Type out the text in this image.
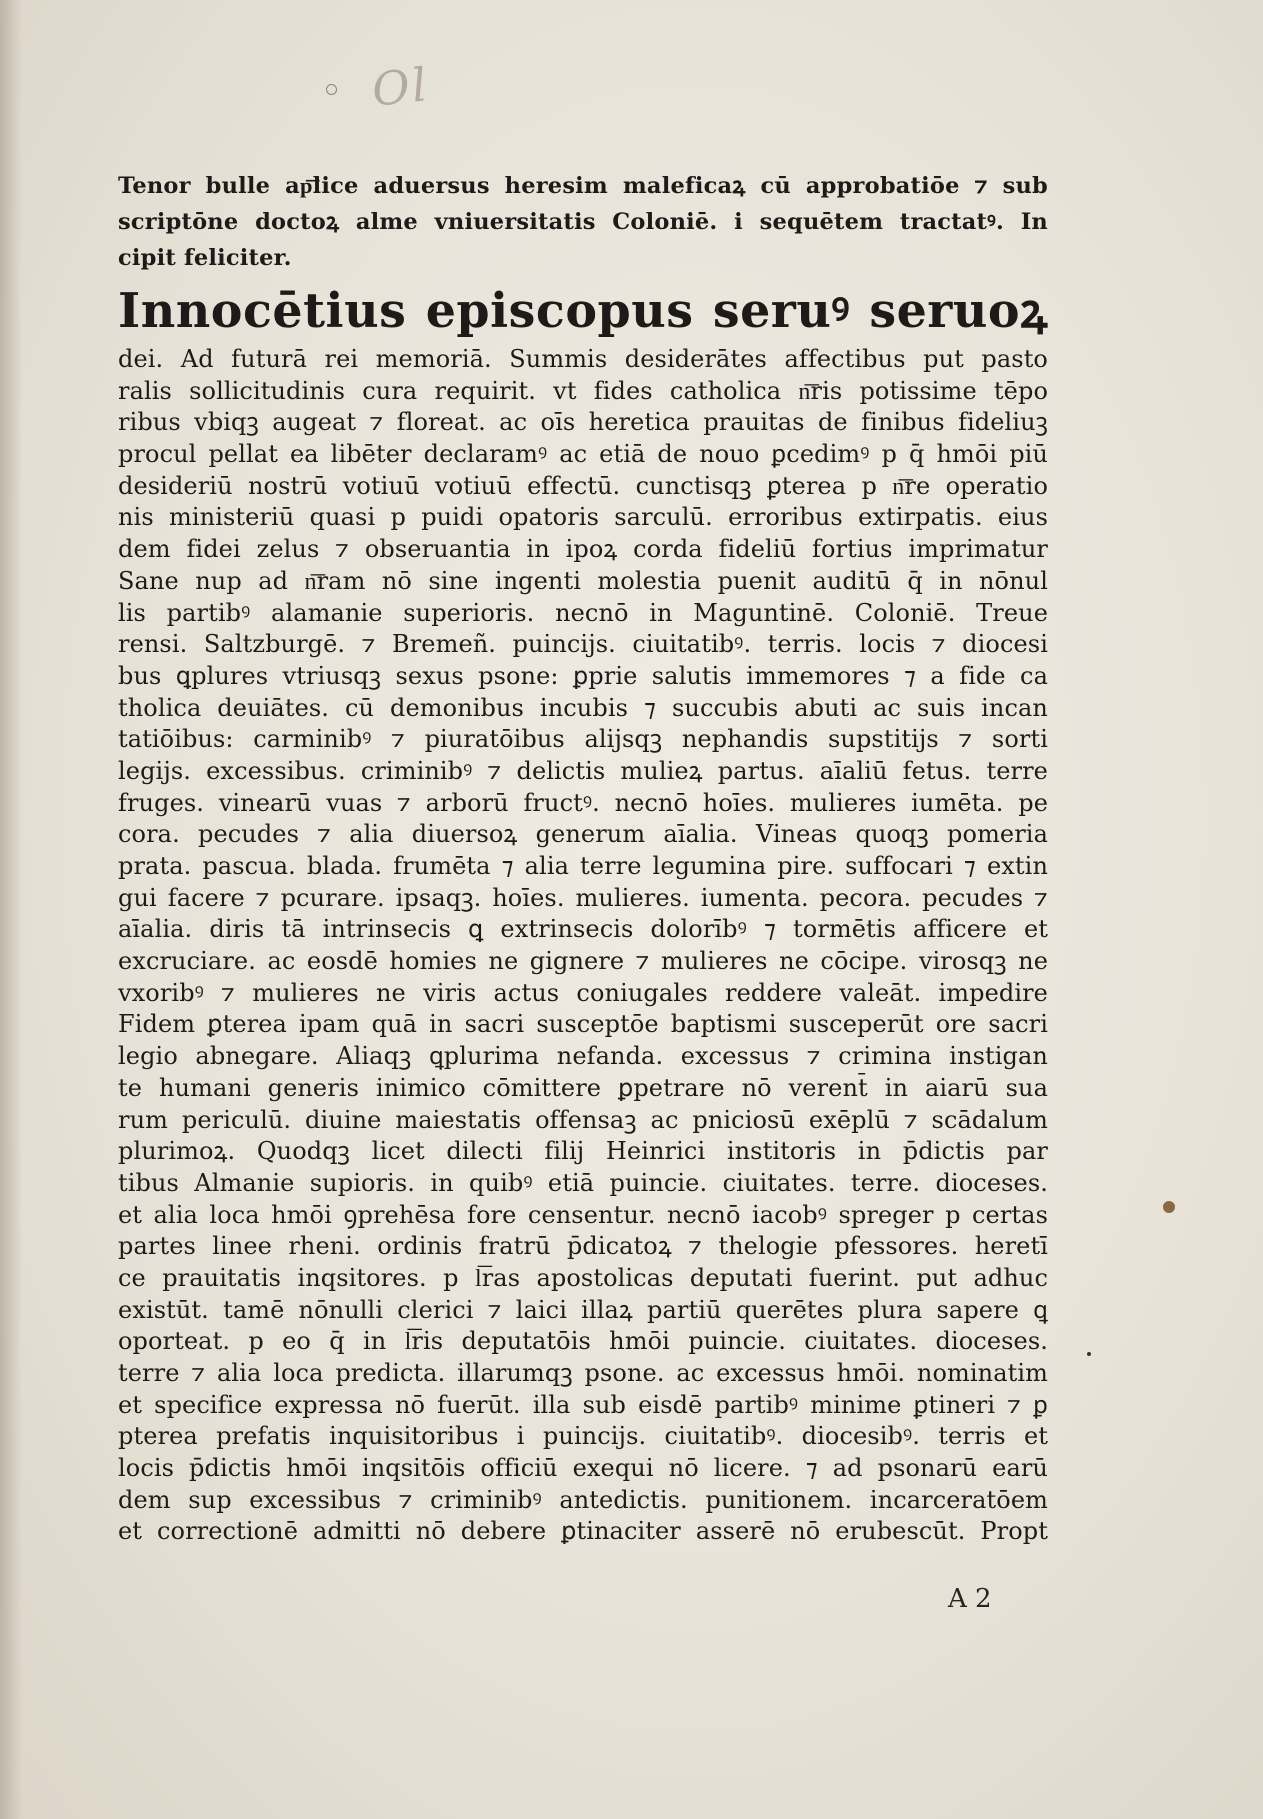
Ol
Tenor bulle ap͞lice aduersus heresim maleficaꝝ cū approbatiōe ⁊ sub
scriptōne doctoꝝ alme vniuersitatis Coloniē. i sequētem tractatꝰ. In
cipit feliciter.
Innocētius episcopus seruꝰ seruoꝝ
dei. Ad futurā rei memoriā. Summis desiderātes affectibus put pasto
ralis sollicitudinis cura requirit. vt fides catholica n͞ris potissime tēpo
ribus vbiqꝫ augeat ⁊ floreat. ac oīs heretica prauitas de finibus fideliuꝫ
procul pellat ea libēter declaramꝰ ac etiā de nouo ꝑcedimꝰ p q̄ hmōi piū
desideriū nostrū votiuū votiuū effectū. cunctisqꝫ ꝑterea p n͞re operatio
nis ministeriū quasi p puidi opatoris sarculū. erroribus extirpatis. eius
dem fidei zelus ⁊ obseruantia in ipoꝝ corda fideliū fortius imprimatur
Sane nup ad n͞ram nō sine ingenti molestia puenit auditū q̄ in nōnul
lis partibꝰ alamanie superioris. necnō in Maguntinē. Coloniē. Treue
rensi. Saltzburgē. ⁊ Bremeñ. puincijs. ciuitatibꝰ. terris. locis ⁊ diocesi
bus ꝗplures vtriusqꝫ sexus psone: ꝑprie salutis immemores ⁊ a fide ca
tholica deuiātes. cū demonibus incubis ⁊ succubis abuti ac suis incan
tatiōibus: carminibꝰ ⁊ piuratōibus alijsqꝫ nephandis supstitijs ⁊ sorti
legijs. excessibus. criminibꝰ ⁊ delictis mulieꝝ partus. aīaliū fetus. terre
fruges. vinearū vuas ⁊ arborū fructꝰ. necnō hoīes. mulieres iumēta. pe
cora. pecudes ⁊ alia diuersoꝝ generum aīalia. Vineas quoqꝫ pomeria
prata. pascua. blada. frumēta ⁊ alia terre legumina pire. suffocari ⁊ extin
gui facere ⁊ pcurare. ipsaqꝫ. hoīes. mulieres. iumenta. pecora. pecudes ⁊
aīalia. diris tā intrinsecis ꝗ extrinsecis dolorībꝰ ⁊ tormētis afficere et
excruciare. ac eosdē homies ne gignere ⁊ mulieres ne cōcipe. virosqꝫ ne
vxoribꝰ ⁊ mulieres ne viris actus coniugales reddere valeāt. impedire
Fidem ꝑterea ipam quā in sacri susceptōe baptismi susceperūt ore sacri
legio abnegare. Aliaqꝫ ꝗplurima nefanda. excessus ⁊ crimina instigan
te humani generis inimico cōmittere ꝑpetrare nō verent̄ in aiarū sua
rum periculū. diuine maiestatis offensaꝫ ac pniciosū exēplū ⁊ scādalum
plurimoꝝ. Quodqꝫ licet dilecti filij Heinrici institoris in p̄dictis par
tibus Almanie supioris. in quibꝰ etiā puincie. ciuitates. terre. dioceses.
et alia loca hmōi ꝯprehēsa fore censentur. necnō iacobꝰ spreger p certas
partes linee rheni. ordinis fratrū p̄dicatoꝝ ⁊ thelogie pfessores. heretī
ce prauitatis inqsitores. p l͞ras apostolicas deputati fuerint. put adhuc
existūt. tamē nōnulli clerici ⁊ laici illaꝝ partiū querētes plura sapere ꝗ
oporteat. p eo q̄ in l͞ris deputatōis hmōi puincie. ciuitates. dioceses.
terre ⁊ alia loca predicta. illarumqꝫ psone. ac excessus hmōi. nominatim
et specifice expressa nō fuerūt. illa sub eisdē partibꝰ minime ꝑtineri ⁊ ꝑ
pterea prefatis inquisitoribus i puincijs. ciuitatibꝰ. diocesibꝰ. terris et
locis p̄dictis hmōi inqsitōis officiū exequi nō licere. ⁊ ad psonarū earū
dem sup excessibus ⁊ criminibꝰ antedictis. punitionem. incarceratōem
et correctionē admitti nō debere ꝑtinaciter asserē nō erubescūt. Propt
A 2
